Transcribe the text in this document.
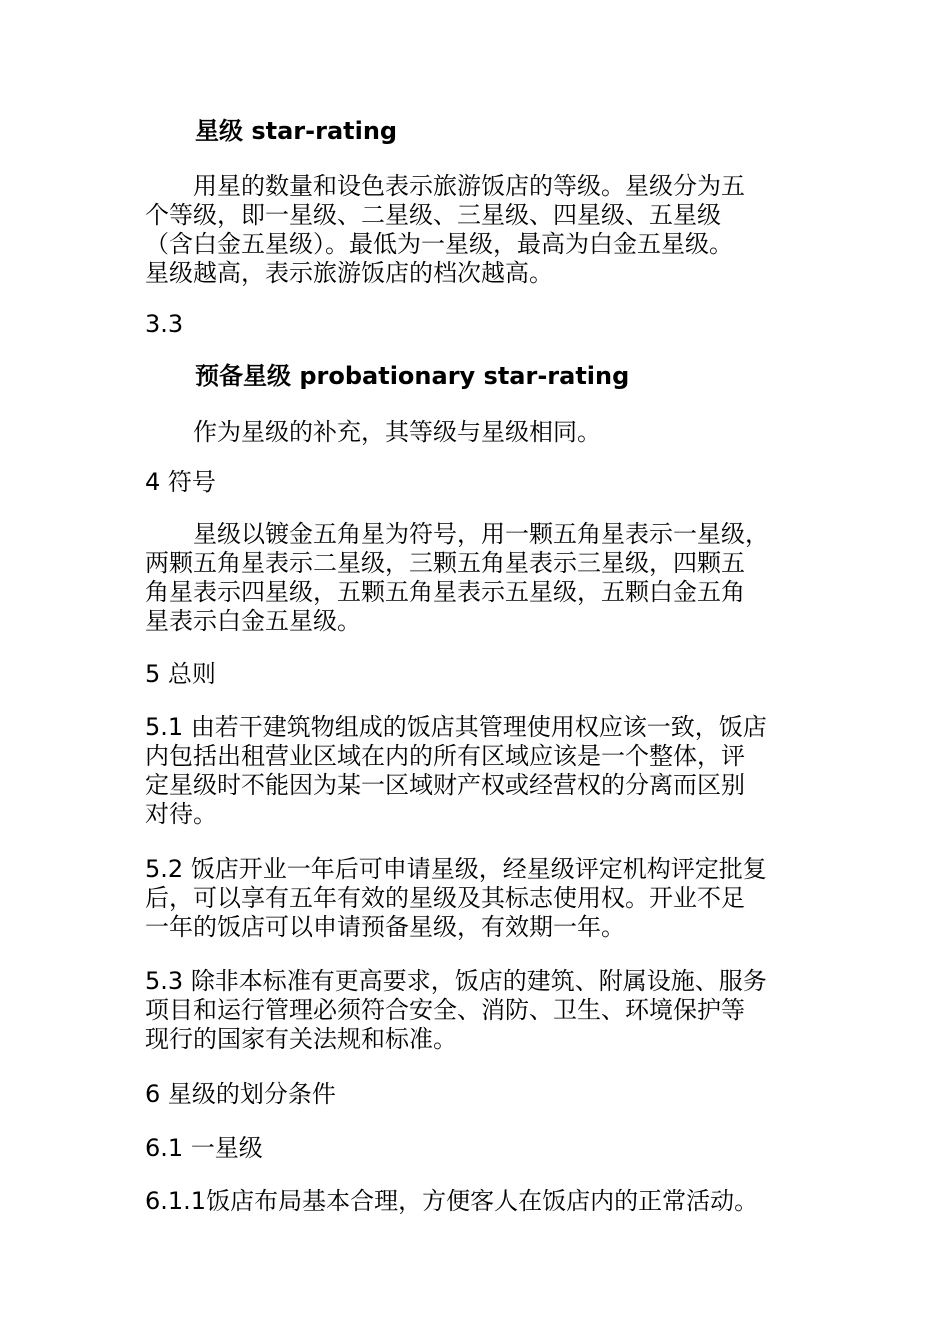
星级 star-rating
　　用星的数量和设色表示旅游饭店的等级。星级分为五
个等级，即一星级、二星级、三星级、四星级、五星级
（含白金五星级）。最低为一星级，最高为白金五星级。
星级越高，表示旅游饭店的档次越高。
3.3
预备星级 probationary star-rating
　　作为星级的补充，其等级与星级相同。
4 符号
　　星级以镀金五角星为符号，用一颗五角星表示一星级，
两颗五角星表示二星级，三颗五角星表示三星级，四颗五
角星表示四星级，五颗五角星表示五星级，五颗白金五角
星表示白金五星级。
5 总则
5.1 由若干建筑物组成的饭店其管理使用权应该一致，饭店
内包括出租营业区域在内的所有区域应该是一个整体，评
定星级时不能因为某一区域财产权或经营权的分离而区别
对待。
5.2 饭店开业一年后可申请星级，经星级评定机构评定批复
后，可以享有五年有效的星级及其标志使用权。开业不足
一年的饭店可以申请预备星级，有效期一年。
5.3 除非本标准有更高要求，饭店的建筑、附属设施、服务
项目和运行管理必须符合安全、消防、卫生、环境保护等
现行的国家有关法规和标准。
6 星级的划分条件
6.1 一星级
6.1.1饭店布局基本合理，方便客人在饭店内的正常活动。
